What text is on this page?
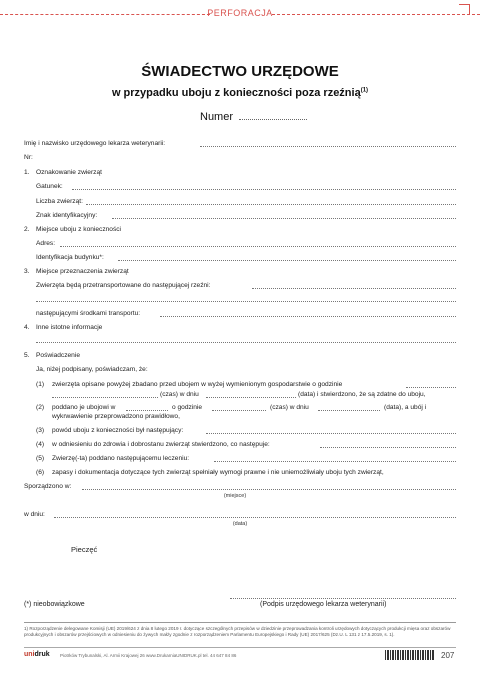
PERFORACJA
ŚWIADECTWO URZĘDOWE
w przypadku uboju z konieczności poza rzeźnią$^{(1)}$
Numer
Imię i nazwisko urzędowego lekarza weterynarii:
Nr:
1. Oznakowanie zwierząt
Gatunek:
Liczba zwierząt:
Znak identyfikacyjny:
2. Miejsce uboju z konieczności
Adres:
Identyfikacja budynku*:
3. Miejsce przeznaczenia zwierząt
Zwierzęta będą przetransportowane do następującej rzeźni:
następującymi środkami transportu:
4. Inne istotne informacje
5. Poświadczenie
Ja, niżej podpisany, poświadczam, że:
(1) zwierzęta opisane powyżej zbadano przed ubojem w wyżej wymienionym gospodarstwie o godzinie
(czas) w dniu	(data) i stwierdzono, że są zdatne do uboju,
(2) poddano je ubojowi w	o godzinie	(czas) w dniu	(data), a ubój i
wykrwawienie przeprowadzono prawidłowo,
(3) powód uboju z konieczności był następujący:
(4) w odniesieniu do zdrowia i dobrostanu zwierząt stwierdzono, co następuje:
(5) Zwierzę(-ta) poddano następującemu leczeniu:
(6) zapasy i dokumentacja dotyczące tych zwierząt spełniały wymogi prawne i nie uniemożliwiały uboju tych zwierząt,
Sporządzono w:
(miejsce)
w dniu:
(data)
Pieczęć
(*) nieobowiązkowe	(Podpis urzędowego lekarza weterynarii)
1) Rozporządzenie delegowane Komisji (UE) 2019/624 z dnia 8 lutego 2019 r. dotyczące szczególnych przepisów w dziedzinie przeprowadzania kontroli urzędowych dotyczących produkcji mięsa oraz obszarów produkcyjnych i obszarów przejściowych w odniesieniu do żywych małży zgodnie z rozporządzeniem Parlamentu Europejskiego i Rady (UE) 2017/625 (Dz.U. L 131 z 17.5.2019, s. 1).
unidruk Piotrków Trybunalski, Al. Armii Krajowej 26 www.DrukarniaUNIDRUK.pl tel. 44 647 84 86	207
